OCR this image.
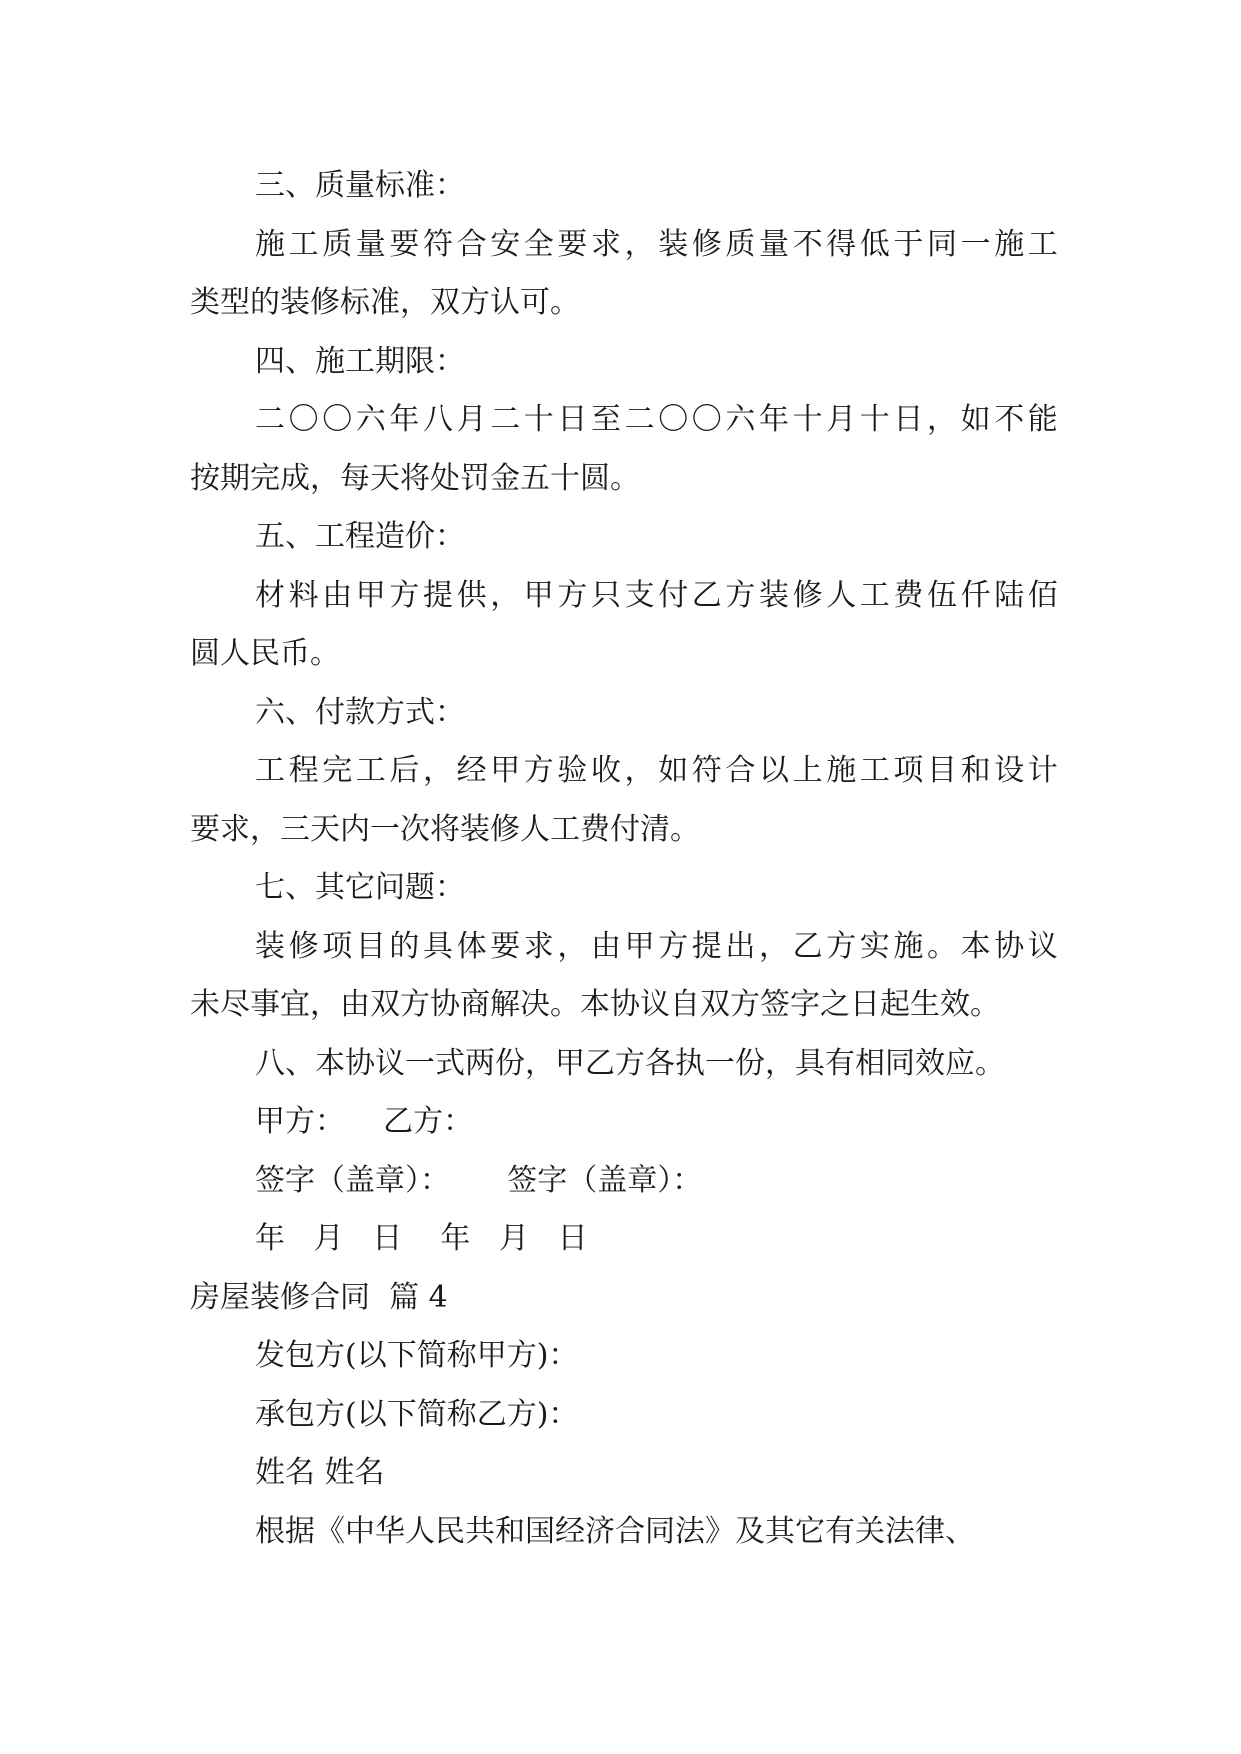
三、质量标准：

施工质量要符合安全要求，装修质量不得低于同一施工

类型的装修标准，双方认可。

四、施工期限：

二〇〇六年八月二十日至二〇〇六年十月十日，如不能

按期完成，每天将处罚金五十圆。

五、工程造价：

材料由甲方提供，甲方只支付乙方装修人工费伍仟陆佰

圆人民币。

六、付款方式：

工程完工后，经甲方验收，如符合以上施工项目和设计

要求，三天内一次将装修人工费付清。

七、其它问题：

装修项目的具体要求，由甲方提出，乙方实施。本协议

未尽事宜，由双方协商解决。本协议自双方签字之日起生效。

八、本协议一式两份，甲乙方各执一份，具有相同效应。

甲方：    乙方：

签字（盖章）：      签字（盖章）：

年   月   日    年   月   日

房屋装修合同  篇 4

发包方(以下简称甲方)：

承包方(以下简称乙方)：

姓名 姓名

根据《中华人民共和国经济合同法》及其它有关法律、
